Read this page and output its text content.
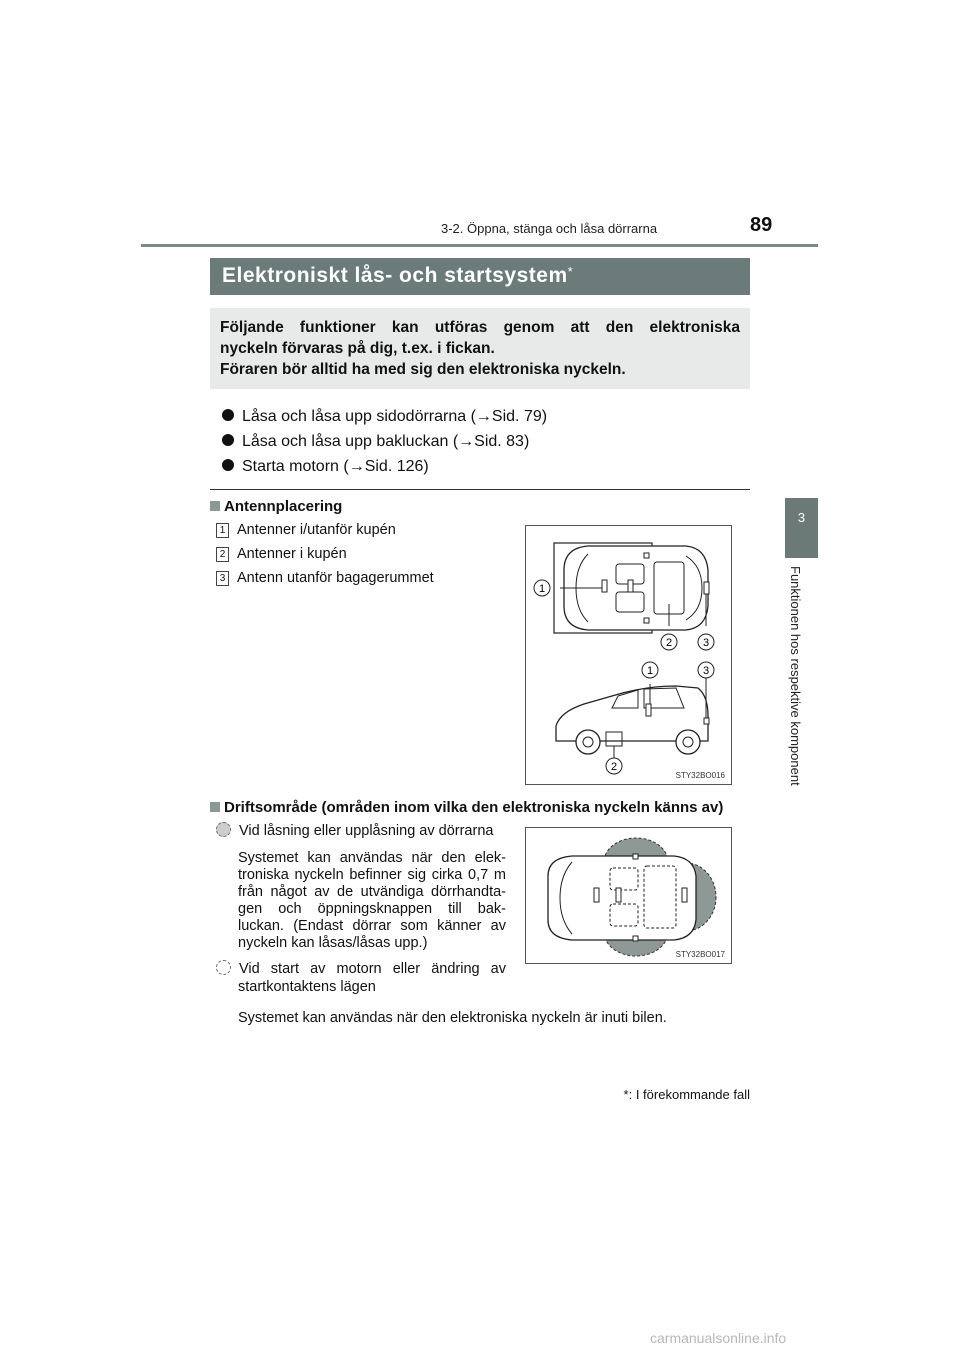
3-2. Öppna, stänga och låsa dörrarna	89
3
Funktionen hos respektive komponent
Elektroniskt lås- och startsystem*
Följande funktioner kan utföras genom att den elektroniska
nyckeln förvaras på dig, t.ex. i fickan.
Föraren bör alltid ha med sig den elektroniska nyckeln.
Låsa och låsa upp sidodörrarna (→Sid. 79)
Låsa och låsa upp bakluckan (→Sid. 83)
Starta motorn (→Sid. 126)
Antennplacering
1 Antenner i/utanför kupén
2 Antenner i kupén
3 Antenn utanför bagagerummet
1
2	3
1	3
2
STY32BO016
Driftsområde (områden inom vilka den elektroniska nyckeln känns av)
Vid låsning eller upplåsning av dörrarna
Systemet kan användas när den elek-
troniska nyckeln befinner sig cirka 0,7 m
från något av de utvändiga dörrhandta-
gen och öppningsknappen till bak-
luckan. (Endast dörrar som känner av
nyckeln kan låsas/låsas upp.)
Vid start av motorn eller ändring av
startkontaktens lägen
Systemet kan användas när den elektroniska nyckeln är inuti bilen.
STY32BO017
*: I förekommande fall
carmanualsonline.info
